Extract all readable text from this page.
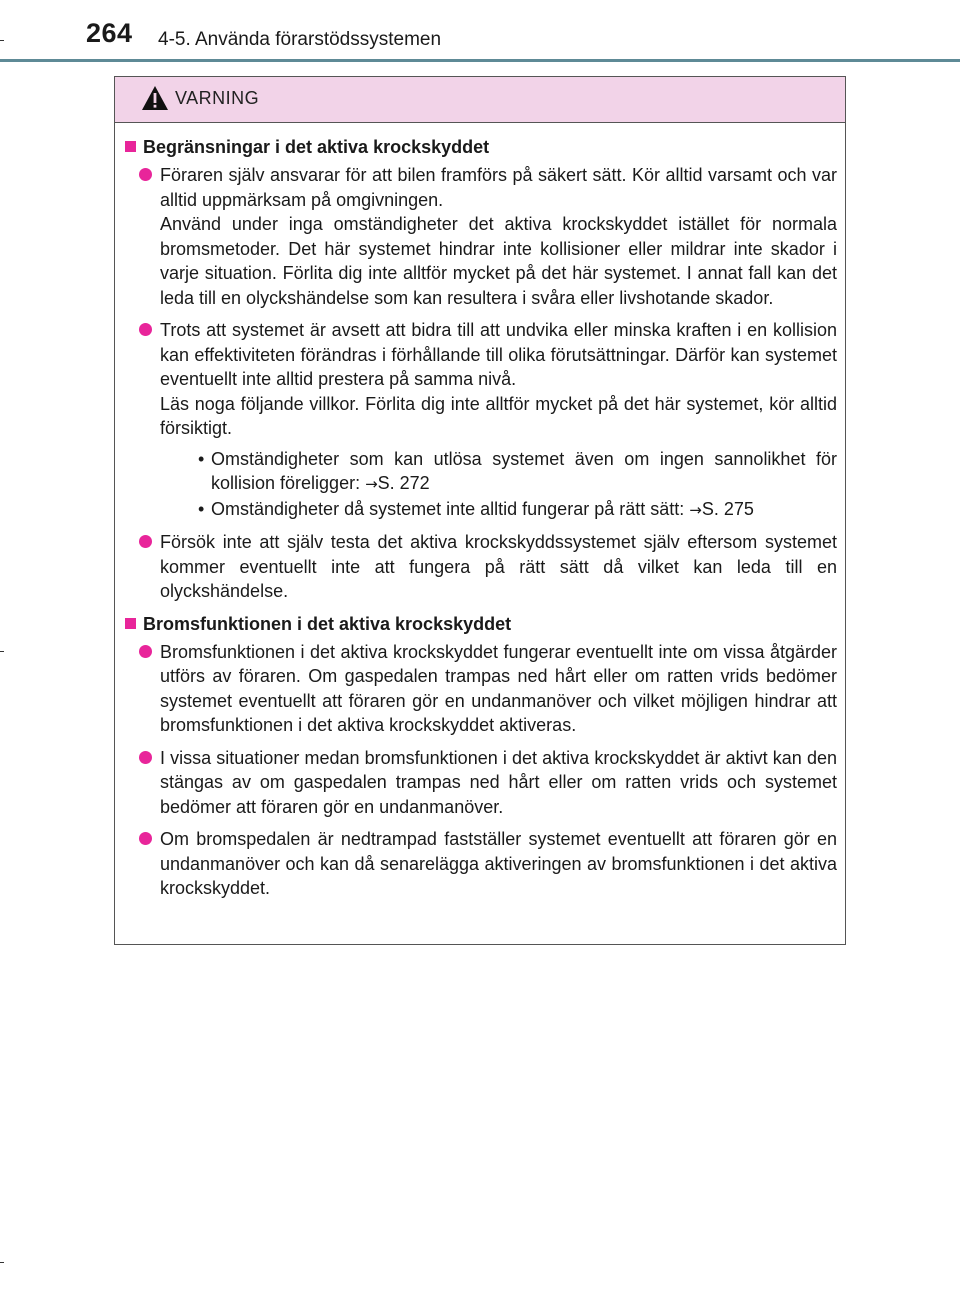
264 4-5. Använda förarstödssystemen
VARNING
Begränsningar i det aktiva krockskyddet

Föraren själv ansvarar för att bilen framförs på säkert sätt. Kör alltid varsamt och var alltid uppmärksam på omgivningen.

Använd under inga omständigheter det aktiva krockskyddet istället för normala bromsmetoder. Det här systemet hindrar inte kollisioner eller mildrar inte skador i varje situation. Förlita dig inte alltför mycket på det här systemet. I annat fall kan det leda till en olyckshändelse som kan resultera i svåra eller livshotande skador.

Trots att systemet är avsett att bidra till att undvika eller minska kraften i en kollision kan effektiviteten förändras i förhållande till olika förutsättningar. Därför kan systemet eventuellt inte alltid prestera på samma nivå.

Läs noga följande villkor. Förlita dig inte alltför mycket på det här systemet, kör alltid försiktigt.

• Omständigheter som kan utlösa systemet även om ingen sannolikhet för kollision föreligger: →S. 272
• Omständigheter då systemet inte alltid fungerar på rätt sätt: →S. 275

Försök inte att själv testa det aktiva krockskyddssystemet själv eftersom systemet kommer eventuellt inte att fungera på rätt sätt då vilket kan leda till en olyckshändelse.

Bromsfunktionen i det aktiva krockskyddet

Bromsfunktionen i det aktiva krockskyddet fungerar eventuellt inte om vissa åtgärder utförs av föraren. Om gaspedalen trampas ned hårt eller om ratten vrids bedömer systemet eventuellt att föraren gör en undanmanöver och vilket möjligen hindrar att bromsfunktionen i det aktiva krockskyddet aktiveras.

I vissa situationer medan bromsfunktionen i det aktiva krockskyddet är aktivt kan den stängas av om gaspedalen trampas ned hårt eller om ratten vrids och systemet bedömer att föraren gör en undanmanöver.

Om bromspedalen är nedtrampad fastställer systemet eventuellt att föraren gör en undanmanöver och kan då senarelägga aktiveringen av bromsfunktionen i det aktiva krockskyddet.
